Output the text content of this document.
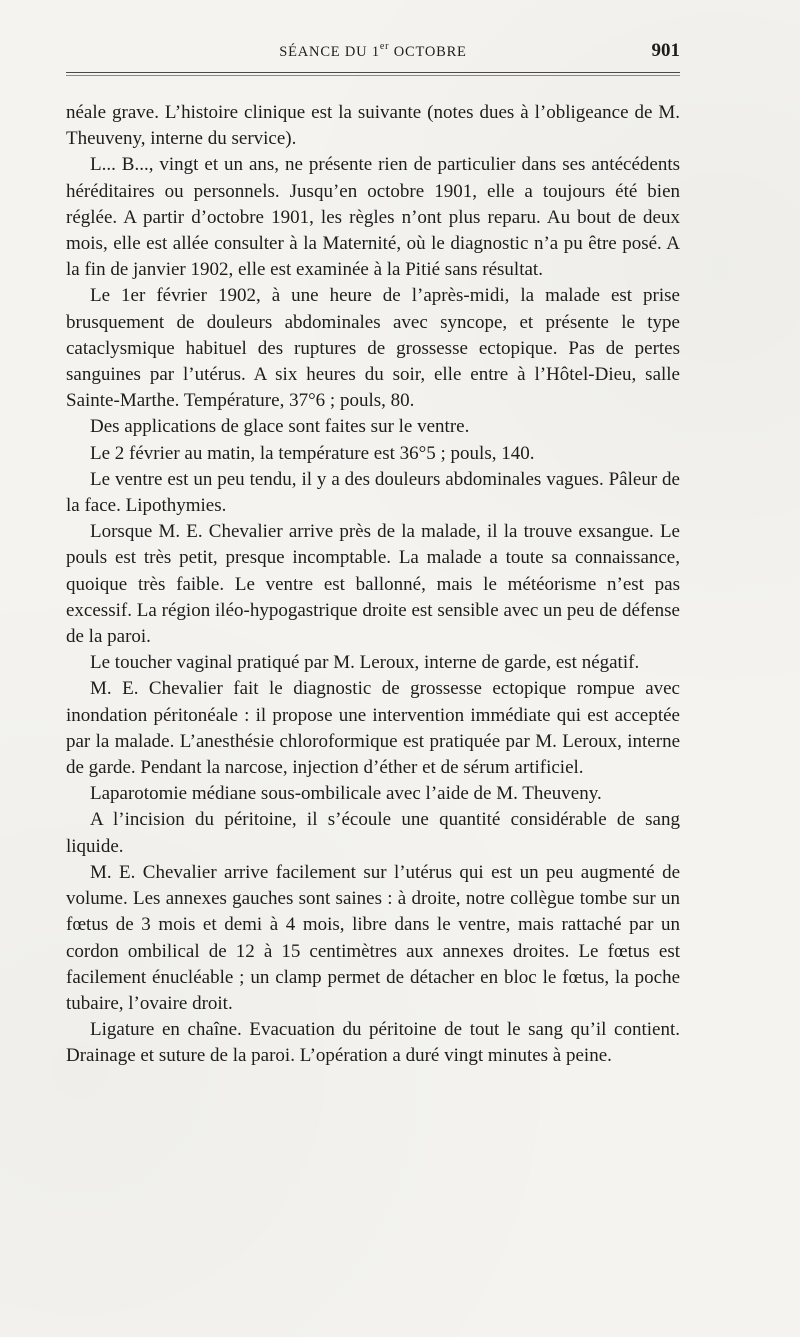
SÉANCE DU 1er OCTOBRE	901

néale grave. L’histoire clinique est la suivante (notes dues à l’obligeance de M. Theuveny, interne du service).

L... B..., vingt et un ans, ne présente rien de particulier dans ses antécédents héréditaires ou personnels. Jusqu’en octobre 1901, elle a toujours été bien réglée. A partir d’octobre 1901, les règles n’ont plus reparu. Au bout de deux mois, elle est allée consulter à la Maternité, où le diagnostic n’a pu être posé. A la fin de janvier 1902, elle est examinée à la Pitié sans résultat.

Le 1er février 1902, à une heure de l’après-midi, la malade est prise brusquement de douleurs abdominales avec syncope, et présente le type cataclysmique habituel des ruptures de grossesse ectopique. Pas de pertes sanguines par l’utérus. A six heures du soir, elle entre à l’Hôtel-Dieu, salle Sainte-Marthe. Température, 37°6 ; pouls, 80.

Des applications de glace sont faites sur le ventre.

Le 2 février au matin, la température est 36°5 ; pouls, 140.

Le ventre est un peu tendu, il y a des douleurs abdominales vagues. Pâleur de la face. Lipothymies.

Lorsque M. E. Chevalier arrive près de la malade, il la trouve exsangue. Le pouls est très petit, presque incomptable. La malade a toute sa connaissance, quoique très faible. Le ventre est ballonné, mais le météorisme n’est pas excessif. La région iléo-hypogastrique droite est sensible avec un peu de défense de la paroi.

Le toucher vaginal pratiqué par M. Leroux, interne de garde, est négatif.

M. E. Chevalier fait le diagnostic de grossesse ectopique rompue avec inondation péritonéale : il propose une intervention immédiate qui est acceptée par la malade. L’anesthésie chloroformique est pratiquée par M. Leroux, interne de garde. Pendant la narcose, injection d’éther et de sérum artificiel.

Laparotomie médiane sous-ombilicale avec l’aide de M. Theuveny.

A l’incision du péritoine, il s’écoule une quantité considérable de sang liquide.

M. E. Chevalier arrive facilement sur l’utérus qui est un peu augmenté de volume. Les annexes gauches sont saines : à droite, notre collègue tombe sur un fœtus de 3 mois et demi à 4 mois, libre dans le ventre, mais rattaché par un cordon ombilical de 12 à 15 centimètres aux annexes droites. Le fœtus est facilement énucléable ; un clamp permet de détacher en bloc le fœtus, la poche tubaire, l’ovaire droit.

Ligature en chaîne. Evacuation du péritoine de tout le sang qu’il contient. Drainage et suture de la paroi. L’opération a duré vingt minutes à peine.
